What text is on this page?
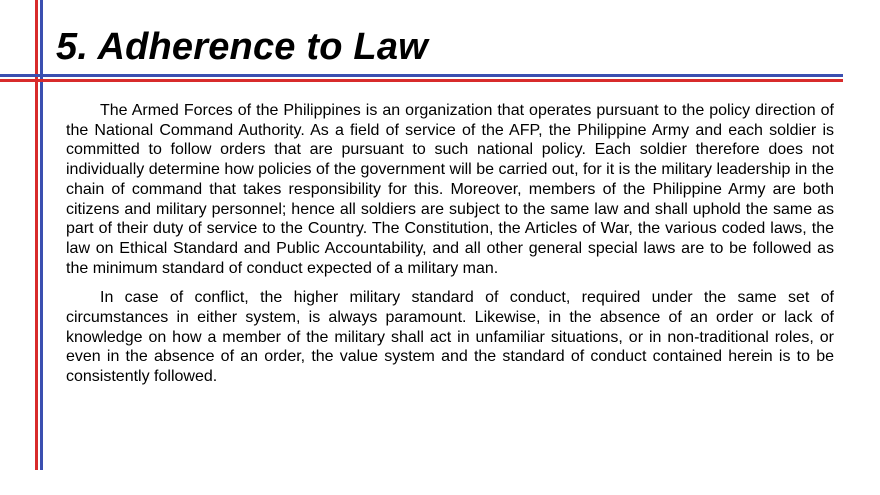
5. Adherence to Law

The Armed Forces of the Philippines is an organization that operates pursuant to the policy direction of the National Command Authority. As a field of service of the AFP, the Philippine Army and each soldier is committed to follow orders that are pursuant to such national policy. Each soldier therefore does not individually determine how policies of the government will be carried out, for it is the military leadership in the chain of command that takes responsibility for this. Moreover, members of the Philippine Army are both citizens and military personnel; hence all soldiers are subject to the same law and shall uphold the same as part of their duty of service to the Country. The Constitution, the Articles of War, the various coded laws, the law on Ethical Standard and Public Accountability, and all other general special laws are to be followed as the minimum standard of conduct expected of a military man.

In case of conflict, the higher military standard of conduct, required under the same set of circumstances in either system, is always paramount. Likewise, in the absence of an order or lack of knowledge on how a member of the military shall act in unfamiliar situations, or in non-traditional roles, or even in the absence of an order, the value system and the standard of conduct contained herein is to be consistently followed.
